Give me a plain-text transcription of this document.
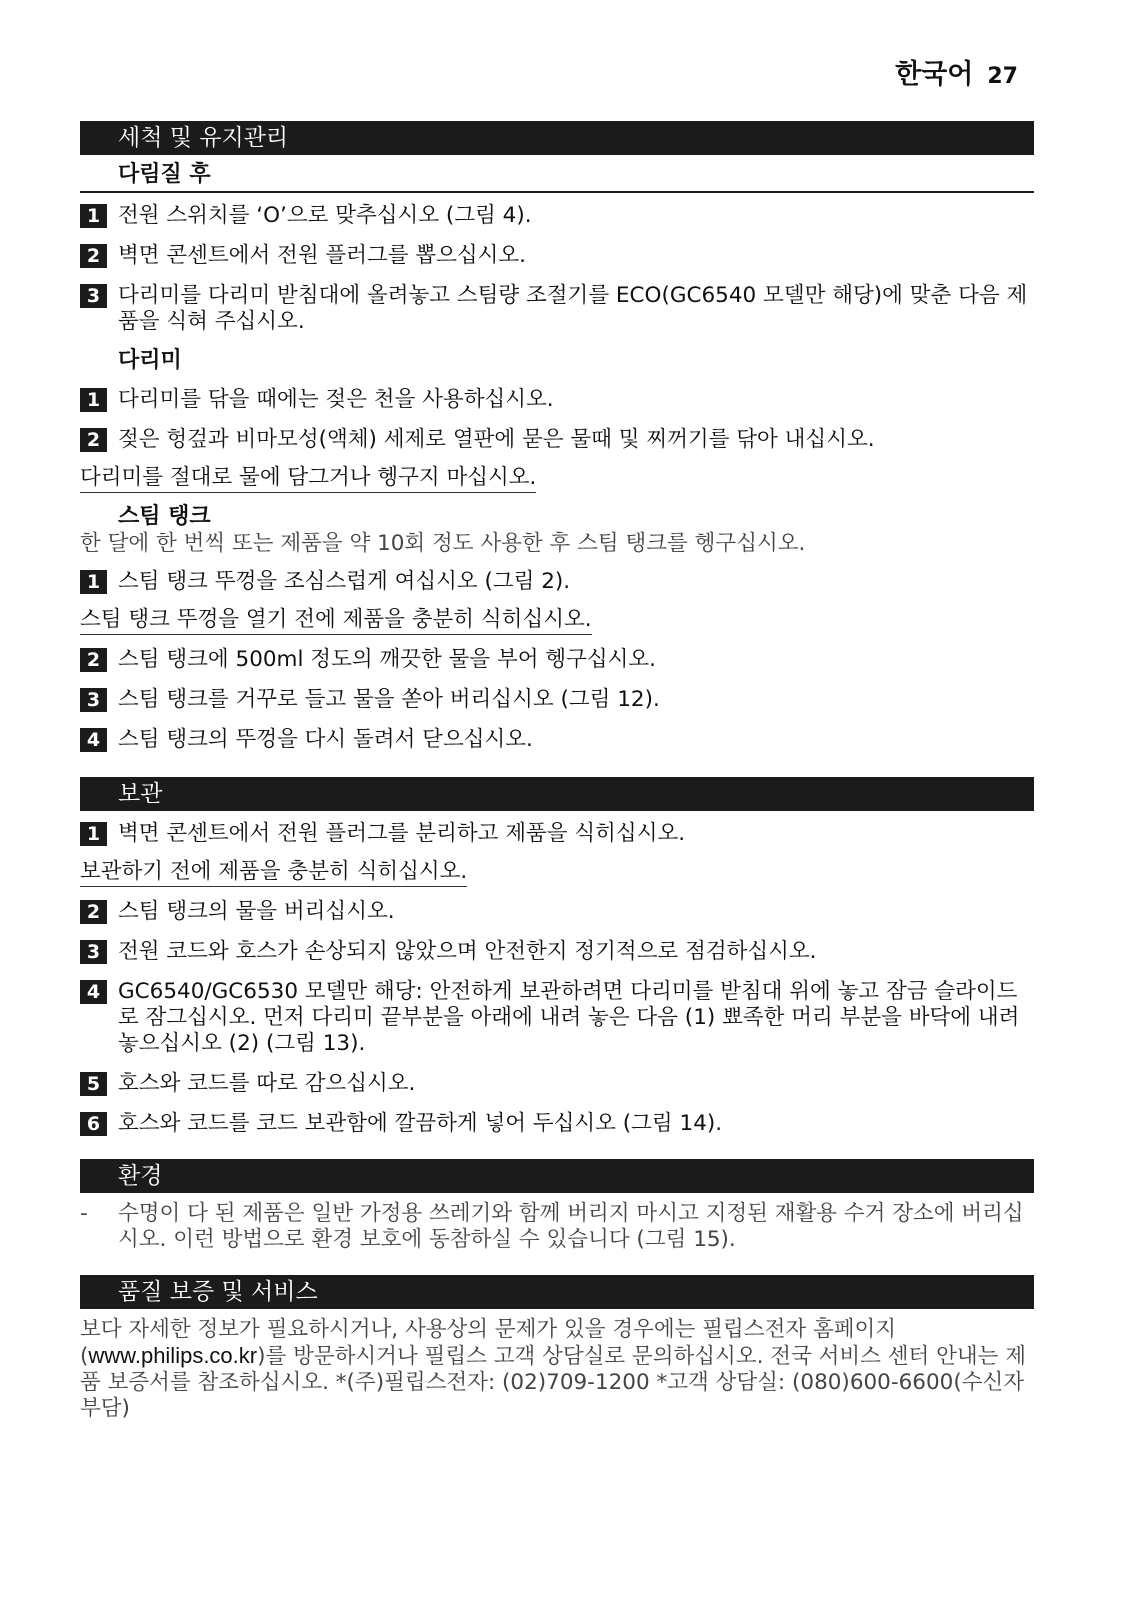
한국어 27
세척 및 유지관리
다림질 후
1 전원 스위치를 ‘O’으로 맞추십시오 (그림 4).
2 벽면 콘센트에서 전원 플러그를 뽑으십시오.
3 다리미를 다리미 받침대에 올려놓고 스팀량 조절기를 ECO(GC6540 모델만 해당)에 맞춘 다음 제품을 식혀 주십시오.
다리미
1 다리미를 닦을 때에는 젖은 천을 사용하십시오.
2 젖은 헝겊과 비마모성(액체) 세제로 열판에 묻은 물때 및 찌꺼기를 닦아 내십시오.
다리미를 절대로 물에 담그거나 헹구지 마십시오.
스팀 탱크
한 달에 한 번씩 또는 제품을 약 10회 정도 사용한 후 스팀 탱크를 헹구십시오.
1 스팀 탱크 뚜껑을 조심스럽게 여십시오 (그림 2).
스팀 탱크 뚜껑을 열기 전에 제품을 충분히 식히십시오.
2 스팀 탱크에 500ml 정도의 깨끗한 물을 부어 헹구십시오.
3 스팀 탱크를 거꾸로 들고 물을 쏟아 버리십시오 (그림 12).
4 스팀 탱크의 뚜껑을 다시 돌려서 닫으십시오.
보관
1 벽면 콘센트에서 전원 플러그를 분리하고 제품을 식히십시오.
보관하기 전에 제품을 충분히 식히십시오.
2 스팀 탱크의 물을 버리십시오.
3 전원 코드와 호스가 손상되지 않았으며 안전한지 정기적으로 점검하십시오.
4 GC6540/GC6530 모델만 해당: 안전하게 보관하려면 다리미를 받침대 위에 놓고 잠금 슬라이드로 잠그십시오. 먼저 다리미 끝부분을 아래에 내려 놓은 다음 (1) 뾰족한 머리 부분을 바닥에 내려 놓으십시오 (2) (그림 13).
5 호스와 코드를 따로 감으십시오.
6 호스와 코드를 코드 보관함에 깔끔하게 넣어 두십시오 (그림 14).
환경
-	수명이 다 된 제품은 일반 가정용 쓰레기와 함께 버리지 마시고 지정된 재활용 수거 장소에 버리십시오. 이런 방법으로 환경 보호에 동참하실 수 있습니다 (그림 15).
품질 보증 및 서비스
보다 자세한 정보가 필요하시거나, 사용상의 문제가 있을 경우에는 필립스전자 홈페이지 (www.philips.co.kr)를 방문하시거나 필립스 고객 상담실로 문의하십시오. 전국 서비스 센터 안내는 제품 보증서를 참조하십시오. *(주)필립스전자: (02)709-1200 *고객 상담실: (080)600-6600(수신자부담)
